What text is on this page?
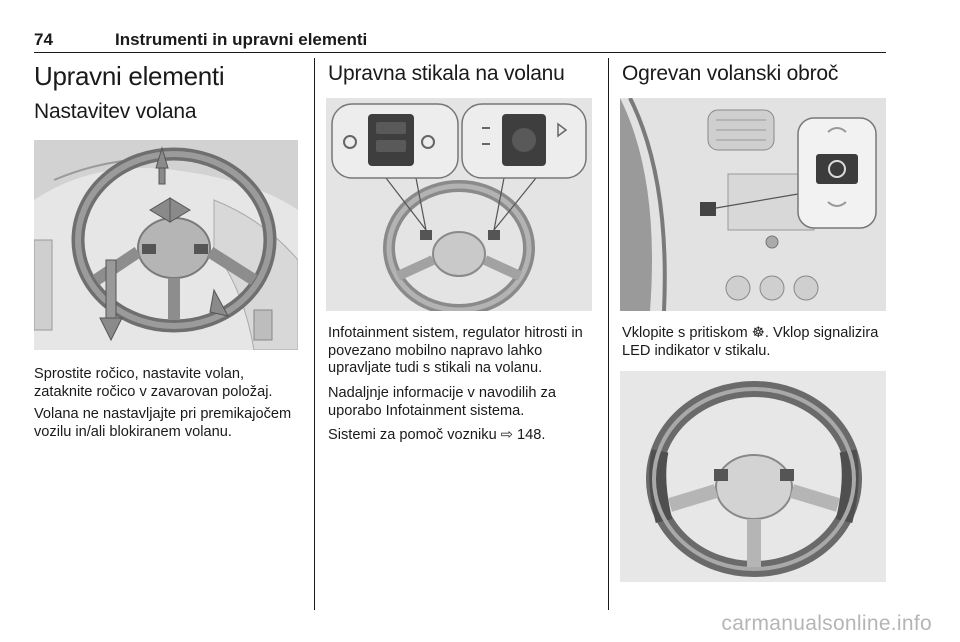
74	Instrumenti in upravni elementi
Upravni elementi
Nastavitev volana

Sprostite ročico, nastavite volan, zataknite ročico v zavarovan položaj.

Volana ne nastavljajte pri premikajočem vozilu in/ali blokiranem volanu.

Upravna stikala na volanu

Infotainment sistem, regulator hitrosti in povezano mobilno napravo lahko upravljate tudi s stikali na volanu.

Nadaljnje informacije v navodilih za uporabo Infotainment sistema.

Sistemi za pomoč vozniku ⇨ 148.

Ogrevan volanski obroč

Vklopite s pritiskom ☸. Vklop signalizira LED indikator v stikalu.

carmanualsonline.info
